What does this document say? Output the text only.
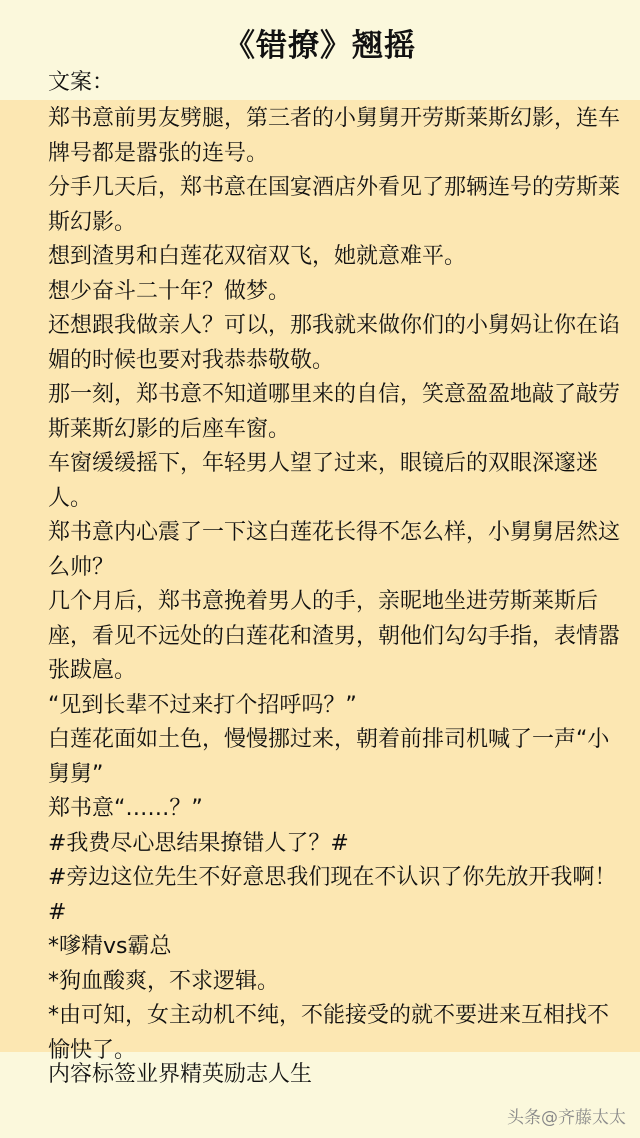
《错撩》翘摇
文案：

郑书意前男友劈腿，第三者的小舅舅开劳斯莱斯幻影，连车牌号都是嚣张的连号。

分手几天后，郑书意在国宴酒店外看见了那辆连号的劳斯莱斯幻影。

想到渣男和白莲花双宿双飞，她就意难平。

想少奋斗二十年？做梦。

还想跟我做亲人？可以，那我就来做你们的小舅妈让你在谄媚的时候也要对我恭恭敬敬。

那一刻，郑书意不知道哪里来的自信，笑意盈盈地敲了敲劳斯莱斯幻影的后座车窗。

车窗缓缓摇下，年轻男人望了过来，眼镜后的双眼深邃迷人。

郑书意内心震了一下这白莲花长得不怎么样，小舅舅居然这么帅？

几个月后，郑书意挽着男人的手，亲昵地坐进劳斯莱斯后座，看见不远处的白莲花和渣男，朝他们勾勾手指，表情嚣张跋扈。

“见到长辈不过来打个招呼吗？”

白莲花面如土色，慢慢挪过来，朝着前排司机喊了一声“小舅舅”

郑书意“……？”

#我费尽心思结果撩错人了？#

#旁边这位先生不好意思我们现在不认识了你先放开我啊！#

*嗲精vs霸总

*狗血酸爽，不求逻辑。

*由可知，女主动机不纯，不能接受的就不要进来互相找不愉快了。

内容标签业界精英励志人生
头条@齐藤太太
